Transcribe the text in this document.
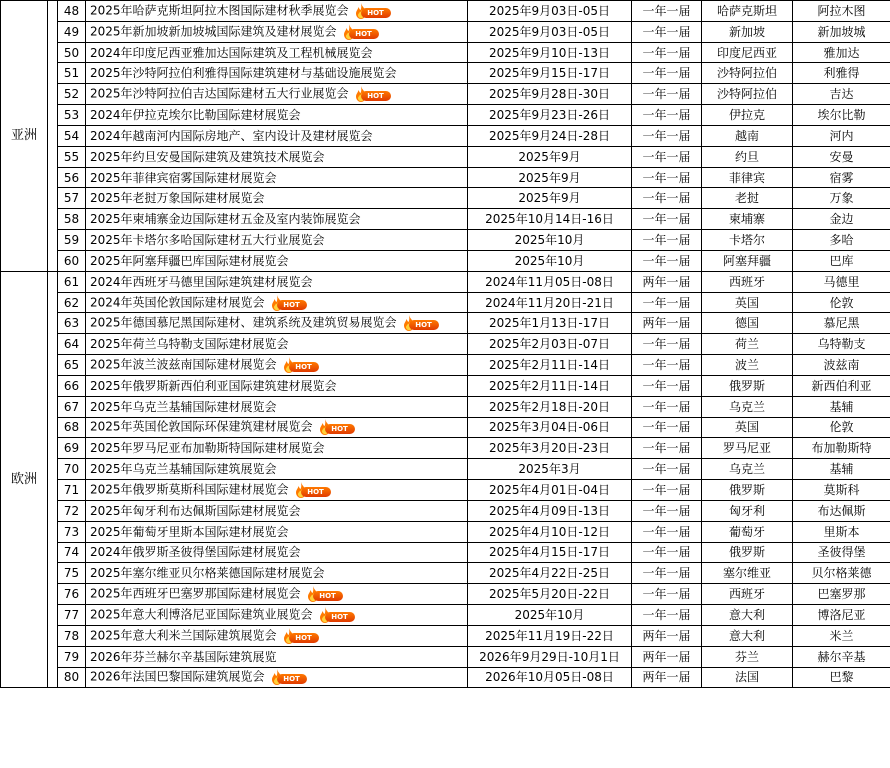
亚洲		48	2025年哈萨克斯坦阿拉木图国际建材秋季展览会 HOT	2025年9月03日-05日	一年一届	哈萨克斯坦	阿拉木图
		49	2025年新加坡新加坡城国际建筑及建材展览会 HOT	2025年9月03日-05日	一年一届	新加坡	新加坡城
		50	2024年印度尼西亚雅加达国际建筑及工程机械展览会	2025年9月10日-13日	一年一届	印度尼西亚	雅加达
		51	2025年沙特阿拉伯利雅得国际建筑建材与基础设施展览会	2025年9月15日-17日	一年一届	沙特阿拉伯	利雅得
		52	2025年沙特阿拉伯吉达国际建材五大行业展览会 HOT	2025年9月28日-30日	一年一届	沙特阿拉伯	吉达
		53	2024年伊拉克埃尔比勒国际建材展览会	2025年9月23日-26日	一年一届	伊拉克	埃尔比勒
		54	2024年越南河内国际房地产、室内设计及建材展览会	2025年9月24日-28日	一年一届	越南	河内
		55	2025年约旦安曼国际建筑及建筑技术展览会	2025年9月	一年一届	约旦	安曼
		56	2025年菲律宾宿雾国际建材展览会	2025年9月	一年一届	菲律宾	宿雾
		57	2025年老挝万象国际建材展览会	2025年9月	一年一届	老挝	万象
		58	2025年柬埔寨金边国际建材五金及室内装饰展览会	2025年10月14日-16日	一年一届	柬埔寨	金边
		59	2025年卡塔尔多哈国际建材五大行业展览会	2025年10月	一年一届	卡塔尔	多哈
		60	2025年阿塞拜疆巴库国际建材展览会	2025年10月	一年一届	阿塞拜疆	巴库
欧洲		61	2024年西班牙马德里国际建筑建材展览会	2024年11月05日-08日	两年一届	西班牙	马德里
		62	2024年英国伦敦国际建材展览会 HOT	2024年11月20日-21日	一年一届	英国	伦敦
		63	2025年德国慕尼黑国际建材、建筑系统及建筑贸易展览会 HOT	2025年1月13日-17日	两年一届	德国	慕尼黑
		64	2025年荷兰乌特勒支国际建材展览会	2025年2月03日-07日	一年一届	荷兰	乌特勒支
		65	2025年波兰波兹南国际建材展览会 HOT	2025年2月11日-14日	一年一届	波兰	波兹南
		66	2025年俄罗斯新西伯利亚国际建筑建材展览会	2025年2月11日-14日	一年一届	俄罗斯	新西伯利亚
		67	2025年乌克兰基辅国际建材展览会	2025年2月18日-20日	一年一届	乌克兰	基辅
		68	2025年英国伦敦国际环保建筑建材展览会 HOT	2025年3月04日-06日	一年一届	英国	伦敦
		69	2025年罗马尼亚布加勒斯特国际建材展览会	2025年3月20日-23日	一年一届	罗马尼亚	布加勒斯特
		70	2025年乌克兰基辅国际建筑展览会	2025年3月	一年一届	乌克兰	基辅
		71	2025年俄罗斯莫斯科国际建材展览会 HOT	2025年4月01日-04日	一年一届	俄罗斯	莫斯科
		72	2025年匈牙利布达佩斯国际建材展览会	2025年4月09日-13日	一年一届	匈牙利	布达佩斯
		73	2025年葡萄牙里斯本国际建材展览会	2025年4月10日-12日	一年一届	葡萄牙	里斯本
		74	2024年俄罗斯圣彼得堡国际建材展览会	2025年4月15日-17日	一年一届	俄罗斯	圣彼得堡
		75	2025年塞尔维亚贝尔格莱德国际建材展览会	2025年4月22日-25日	一年一届	塞尔维亚	贝尔格莱德
		76	2025年西班牙巴塞罗那国际建材展览会 HOT	2025年5月20日-22日	一年一届	西班牙	巴塞罗那
		77	2025年意大利博洛尼亚国际建筑业展览会 HOT	2025年10月	一年一届	意大利	博洛尼亚
		78	2025年意大利米兰国际建筑展览会 HOT	2025年11月19日-22日	两年一届	意大利	米兰
		79	2026年芬兰赫尔辛基国际建筑展览	2026年9月29日-10月1日	两年一届	芬兰	赫尔辛基
		80	2026年法国巴黎国际建筑展览会 HOT	2026年10月05日-08日	两年一届	法国	巴黎
